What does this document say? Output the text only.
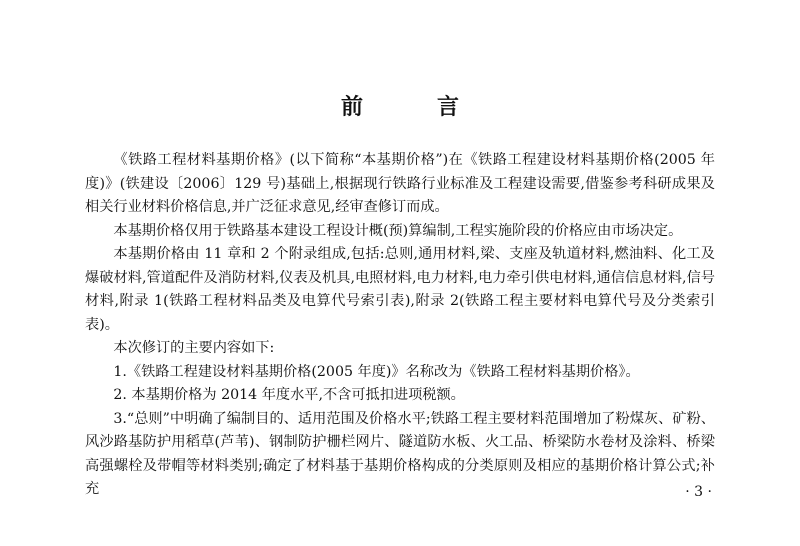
前　言

《铁路工程材料基期价格》(以下简称“本基期价格”)在《铁路工程建设材料基期价格(2005 年度)》(铁建设〔2006〕129 号)基础上,根据现行铁路行业标准及工程建设需要,借鉴参考科研成果及相关行业材料价格信息,并广泛征求意见,经审查修订而成。

本基期价格仅用于铁路基本建设工程设计概(预)算编制,工程实施阶段的价格应由市场决定。

本基期价格由 11 章和 2 个附录组成,包括:总则,通用材料,梁、支座及轨道材料,燃油料、化工及爆破材料,管道配件及消防材料,仪表及机具,电照材料,电力材料,电力牵引供电材料,通信信息材料,信号材料,附录 1(铁路工程材料品类及电算代号索引表),附录 2(铁路工程主要材料电算代号及分类索引表)。

本次修订的主要内容如下:

1.《铁路工程建设材料基期价格(2005 年度)》名称改为《铁路工程材料基期价格》。

2. 本基期价格为 2014 年度水平,不含可抵扣进项税额。

3.“总则”中明确了编制目的、适用范围及价格水平;铁路工程主要材料范围增加了粉煤灰、矿粉、风沙路基防护用稻草(芦苇)、钢制防护栅栏网片、隧道防水板、火工品、桥梁防水卷材及涂料、桥梁高强螺栓及带帽等材料类别;确定了材料基于基期价格构成的分类原则及相应的基期价格计算公式;补充	· 3 ·
